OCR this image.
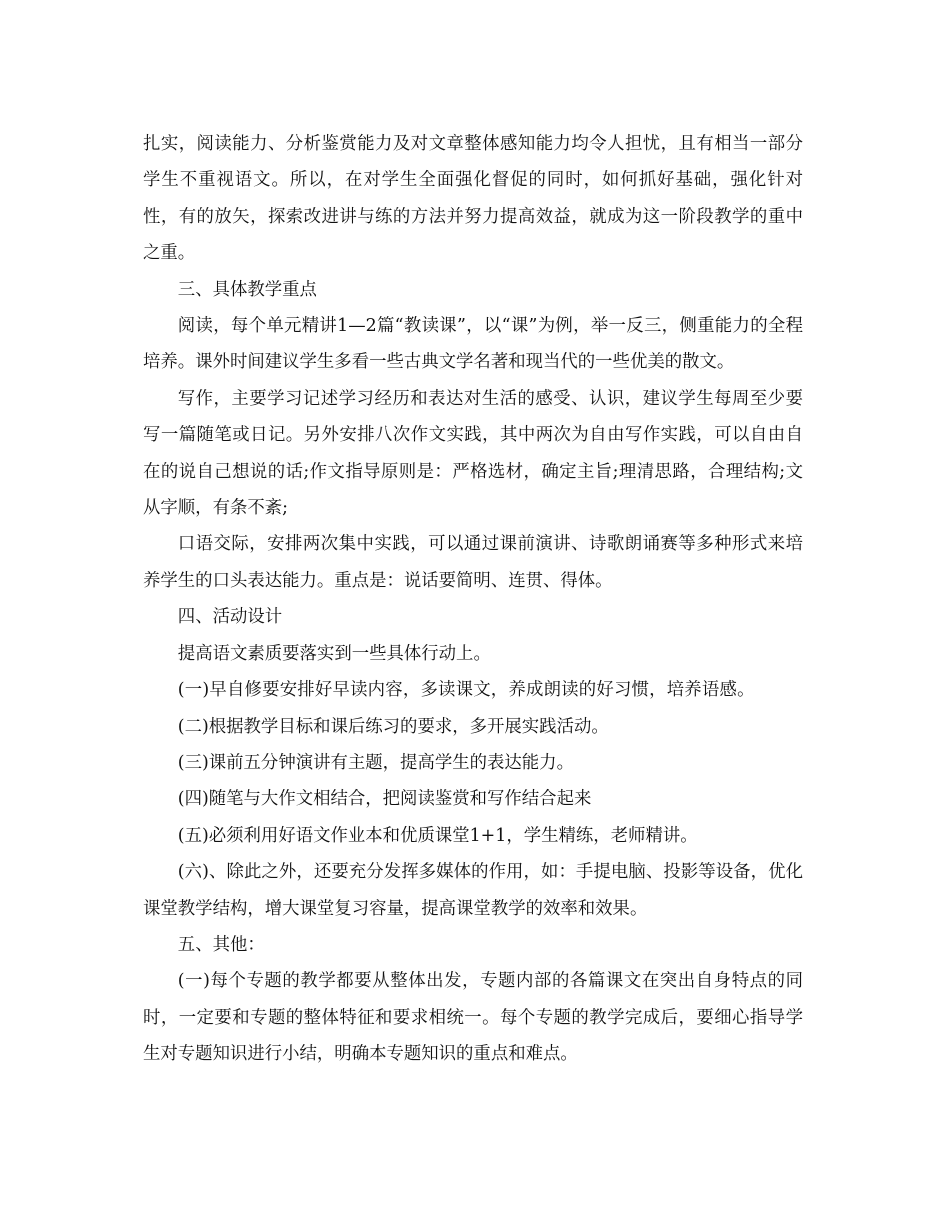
扎实，阅读能力、分析鉴赏能力及对文章整体感知能力均令人担忧，且有相当一部分学生不重视语文。所以，在对学生全面强化督促的同时，如何抓好基础，强化针对性，有的放矢，探索改进讲与练的方法并努力提高效益，就成为这一阶段教学的重中之重。

三、具体教学重点

阅读，每个单元精讲1—2篇“教读课”，以“课”为例，举一反三，侧重能力的全程培养。课外时间建议学生多看一些古典文学名著和现当代的一些优美的散文。

写作，主要学习记述学习经历和表达对生活的感受、认识，建议学生每周至少要写一篇随笔或日记。另外安排八次作文实践，其中两次为自由写作实践，可以自由自在的说自己想说的话;作文指导原则是：严格选材，确定主旨;理清思路，合理结构;文从字顺，有条不紊;

口语交际，安排两次集中实践，可以通过课前演讲、诗歌朗诵赛等多种形式来培养学生的口头表达能力。重点是：说话要简明、连贯、得体。

四、活动设计

提高语文素质要落实到一些具体行动上。

(一)早自修要安排好早读内容，多读课文，养成朗读的好习惯，培养语感。

(二)根据教学目标和课后练习的要求，多开展实践活动。

(三)课前五分钟演讲有主题，提高学生的表达能力。

(四)随笔与大作文相结合，把阅读鉴赏和写作结合起来

(五)必须利用好语文作业本和优质课堂1+1，学生精练，老师精讲。

(六)、除此之外，还要充分发挥多媒体的作用，如：手提电脑、投影等设备，优化课堂教学结构，增大课堂复习容量，提高课堂教学的效率和效果。

五、其他：

(一)每个专题的教学都要从整体出发，专题内部的各篇课文在突出自身特点的同时，一定要和专题的整体特征和要求相统一。每个专题的教学完成后，要细心指导学生对专题知识进行小结，明确本专题知识的重点和难点。
